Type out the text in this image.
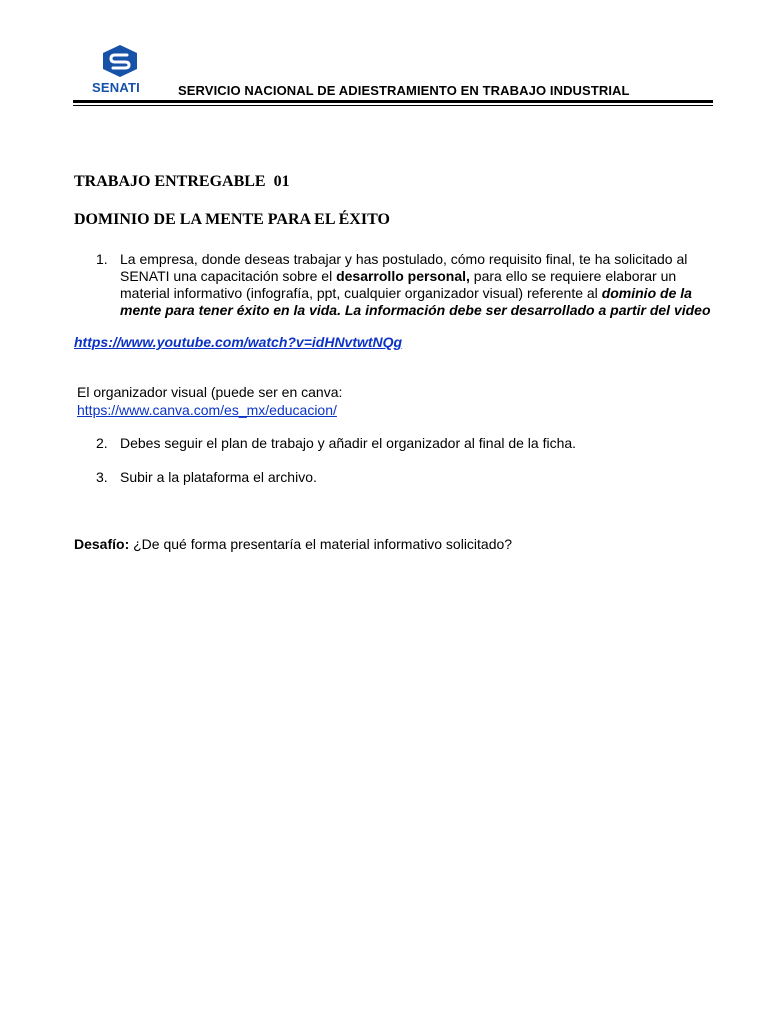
SENATI	SERVICIO NACIONAL DE ADIESTRAMIENTO EN TRABAJO INDUSTRIAL
TRABAJO ENTREGABLE  01
DOMINIO DE LA MENTE PARA EL ÉXITO
1. La empresa, donde deseas trabajar y has postulado, cómo requisito final, te ha solicitado al SENATI una capacitación sobre el desarrollo personal, para ello se requiere elaborar un material informativo (infografía, ppt, cualquier organizador visual) referente al dominio de la mente para tener éxito en la vida. La información debe ser desarrollado a partir del video
https://www.youtube.com/watch?v=idHNvtwtNQg
El organizador visual (puede ser en canva:
https://www.canva.com/es_mx/educacion/
2. Debes seguir el plan de trabajo y añadir el organizador al final de la ficha.
3. Subir a la plataforma el archivo.
Desafío: ¿De qué forma presentaría el material informativo solicitado?
